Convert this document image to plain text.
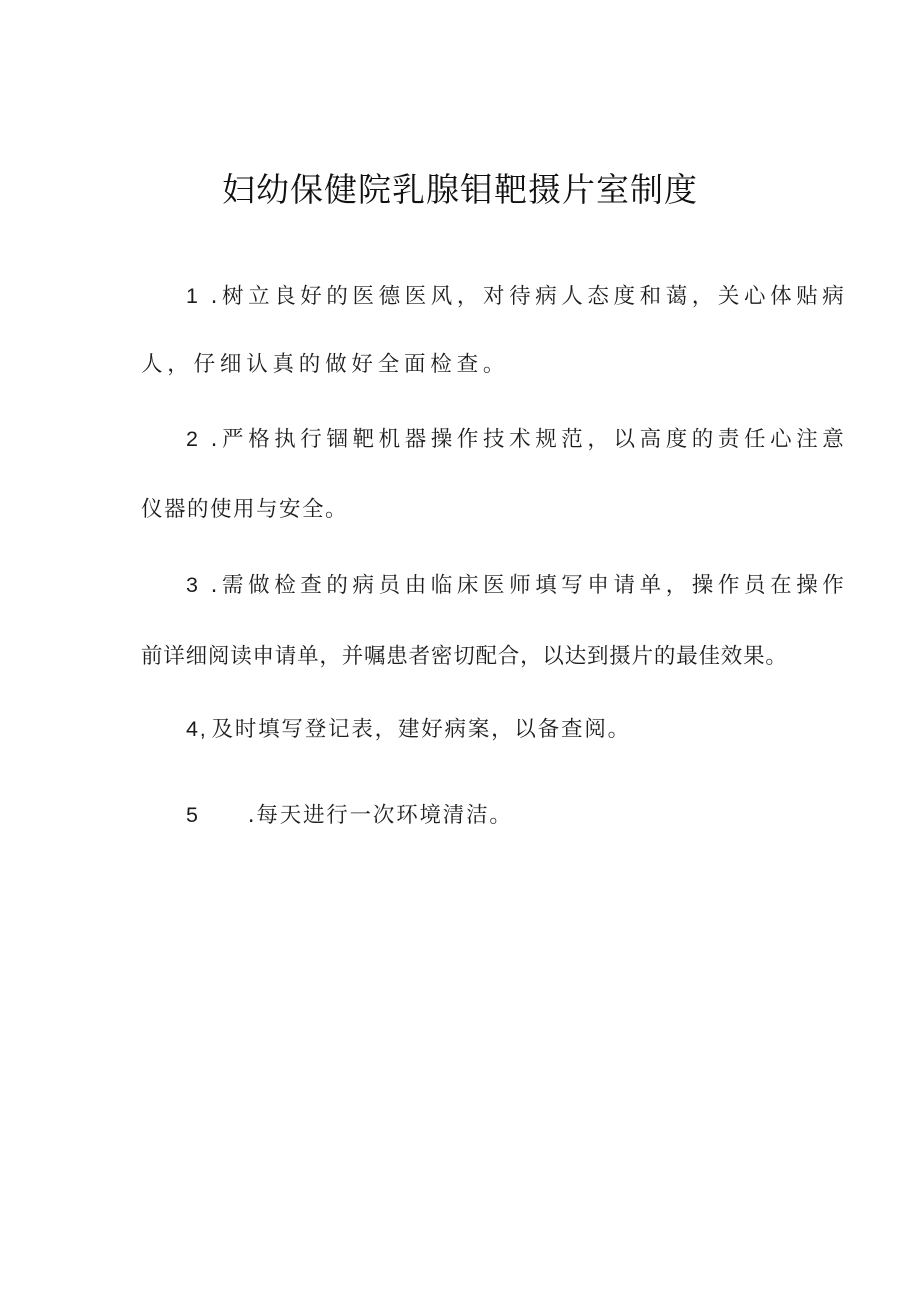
妇幼保健院乳腺钼靶摄片室制度
1 .树立良好的医德医风，对待病人态度和蔼，关心体贴病
人，仔细认真的做好全面检查。
2 .严格执行锢靶机器操作技术规范，以高度的责任心注意
仪器的使用与安全。
3 .需做检查的病员由临床医师填写申请单，操作员在操作
前详细阅读申请单，并嘱患者密切配合，以达到摄片的最佳效果。
4, 及时填写登记表，建好病案，以备查阅。
5 .每天进行一次环境清洁。
